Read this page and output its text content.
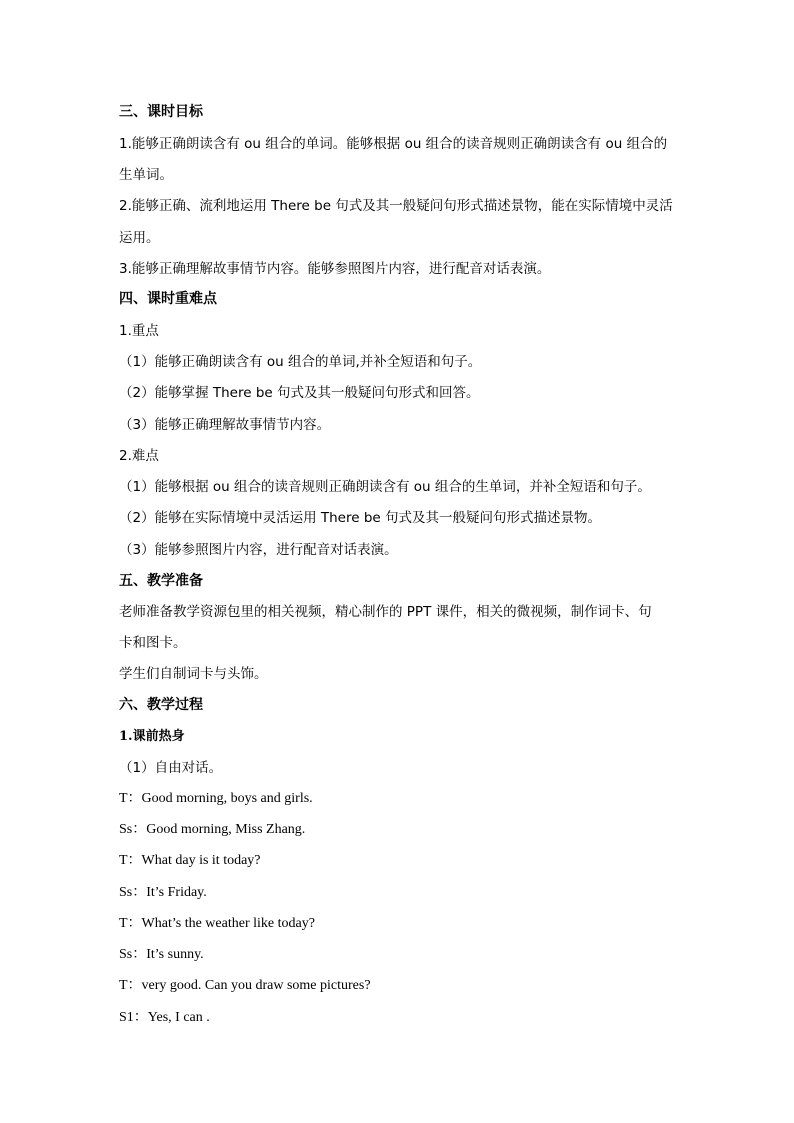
三、课时目标
1.能够正确朗读含有 ou 组合的单词。能够根据 ou 组合的读音规则正确朗读含有 ou 组合的
生单词。
2.能够正确、流利地运用 There be 句式及其一般疑问句形式描述景物，能在实际情境中灵活
运用。
3.能够正确理解故事情节内容。能够参照图片内容，进行配音对话表演。
四、课时重难点
1.重点
（1）能够正确朗读含有 ou 组合的单词,并补全短语和句子。
（2）能够掌握 There be 句式及其一般疑问句形式和回答。
（3）能够正确理解故事情节内容。
2.难点
（1）能够根据 ou 组合的读音规则正确朗读含有 ou 组合的生单词，并补全短语和句子。
（2）能够在实际情境中灵活运用 There be 句式及其一般疑问句形式描述景物。
（3）能够参照图片内容，进行配音对话表演。
五、教学准备
老师准备教学资源包里的相关视频，精心制作的 PPT 课件，相关的微视频，制作词卡、句
卡和图卡。
学生们自制词卡与头饰。
六、教学过程
1.课前热身
（1）自由对话。
T：Good morning, boys and girls.
Ss：Good morning, Miss Zhang.
T：What day is it today?
Ss：It’s Friday.
T：What’s the weather like today?
Ss：It’s sunny.
T：very good. Can you draw some pictures?
S1：Yes, I can .
